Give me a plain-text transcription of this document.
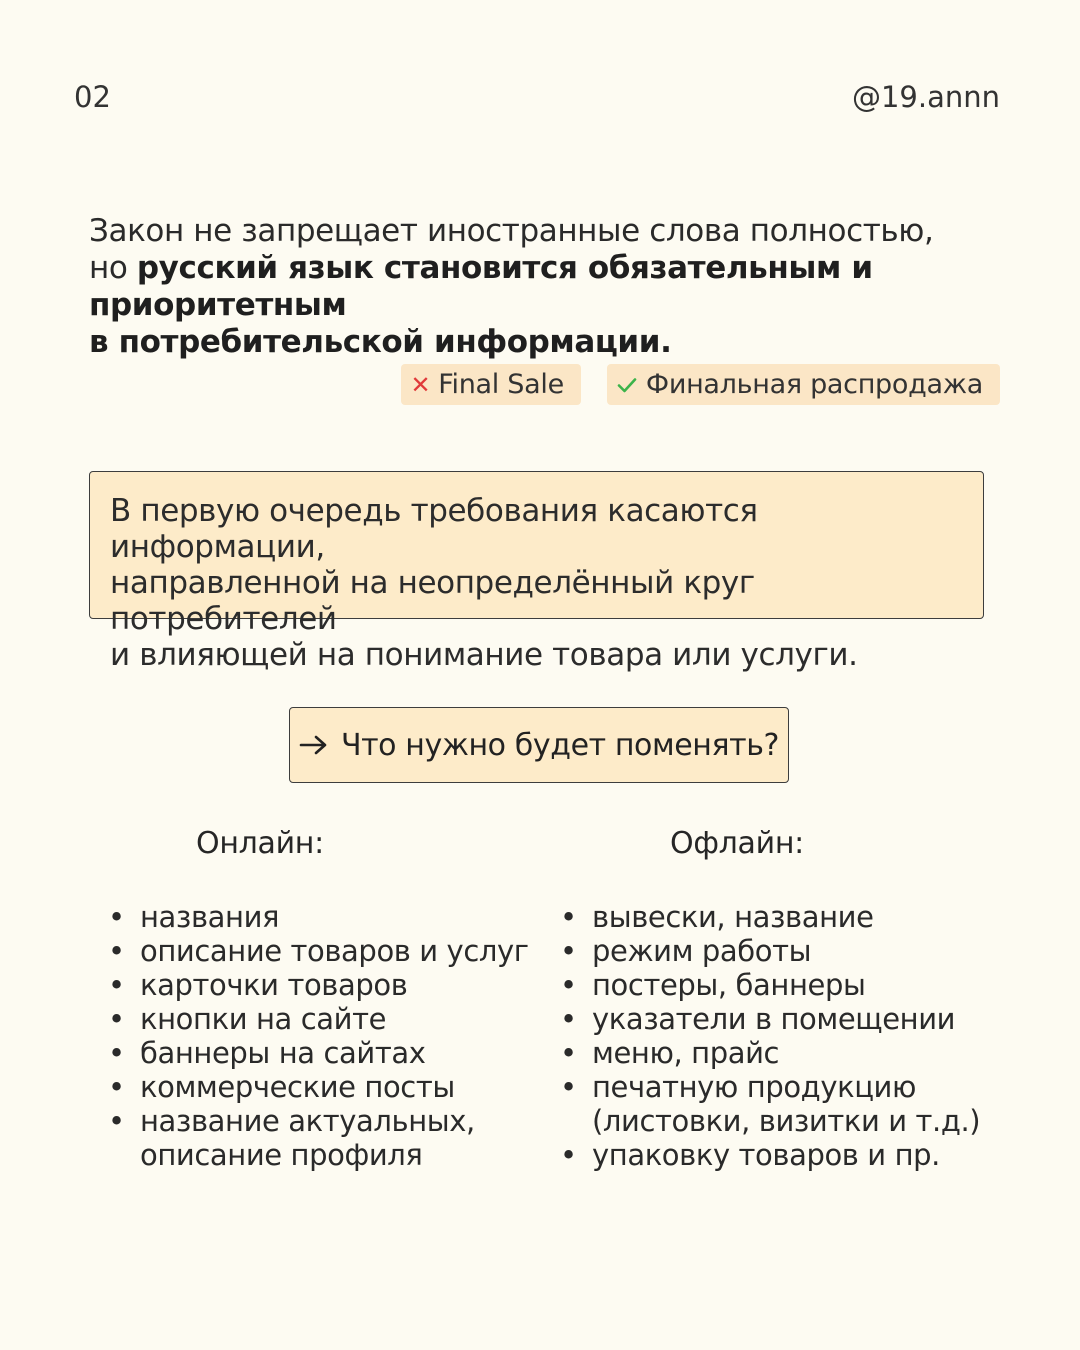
02	@19.annn
Закон не запрещает иностранные слова полностью,
но русский язык становится обязательным и приоритетным
в потребительской информации.
✕ Final Sale	Финальная распродажа

В первую очередь требования касаются информации,

направленной на неопределённый круг потребителей

и влияющей на понимание товара или услуги.

Что нужно будет поменять?
Онлайн:	Офлайн:
• названия
• описание товаров и услуг
• карточки товаров
• кнопки на сайте
• баннеры на сайтах
• коммерческие посты
• название актуальных,
описание профиля
• вывески, название
• режим работы
• постеры, баннеры
• указатели в помещении
• меню, прайс
• печатную продукцию
(листовки, визитки и т.д.)
• упаковку товаров и пр.
